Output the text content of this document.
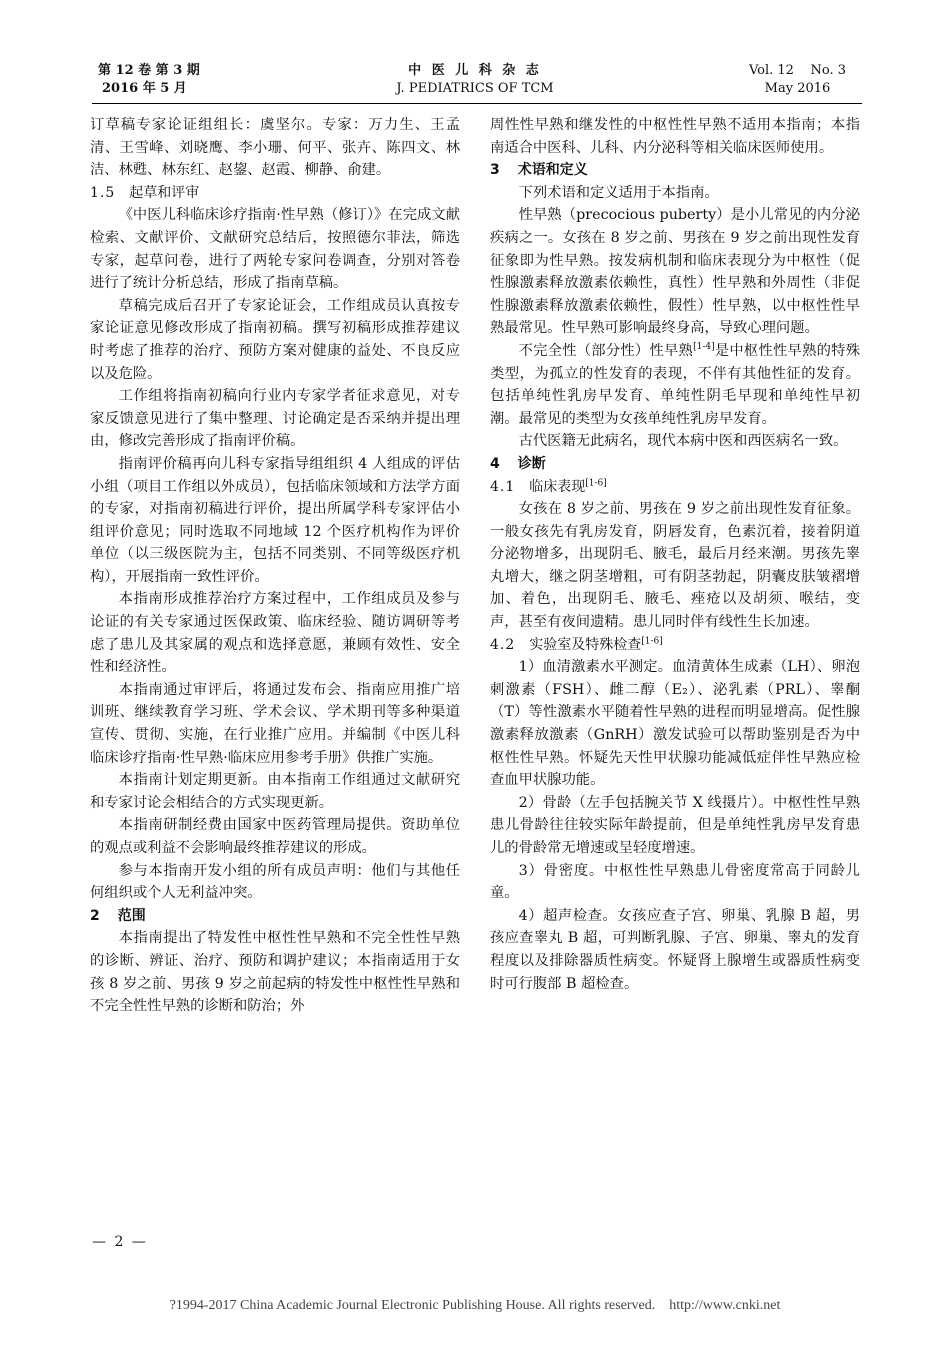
第 12 卷 第 3 期
2016 年 5 月
中 医 儿 科 杂 志
J. PEDIATRICS OF TCM
Vol. 12    No. 3
May 2016

订草稿专家论证组组长：虞坚尔。专家：万力生、王孟清、王雪峰、刘晓鹰、李小珊、何平、张卉、陈四文、林洁、林甦、林东红、赵鋆、赵霞、柳静、俞建。

1.5 起草和评审

《中医儿科临床诊疗指南·性早熟（修订）》在完成文献检索、文献评价、文献研究总结后，按照德尔菲法，筛选专家，起草问卷，进行了两轮专家问卷调查，分别对答卷进行了统计分析总结，形成了指南草稿。

草稿完成后召开了专家论证会，工作组成员认真按专家论证意见修改形成了指南初稿。撰写初稿形成推荐建议时考虑了推荐的治疗、预防方案对健康的益处、不良反应以及危险。

工作组将指南初稿向行业内专家学者征求意见，对专家反馈意见进行了集中整理、讨论确定是否采纳并提出理由，修改完善形成了指南评价稿。

指南评价稿再向儿科专家指导组组织 4 人组成的评估小组（项目工作组以外成员），包括临床领域和方法学方面的专家，对指南初稿进行评价，提出所属学科专家评估小组评价意见；同时选取不同地域 12 个医疗机构作为评价单位（以三级医院为主，包括不同类别、不同等级医疗机构），开展指南一致性评价。

本指南形成推荐治疗方案过程中，工作组成员及参与论证的有关专家通过医保政策、临床经验、随访调研等考虑了患儿及其家属的观点和选择意愿，兼顾有效性、安全性和经济性。

本指南通过审评后，将通过发布会、指南应用推广培训班、继续教育学习班、学术会议、学术期刊等多种渠道宣传、贯彻、实施，在行业推广应用。并编制《中医儿科临床诊疗指南·性早熟·临床应用参考手册》供推广实施。

本指南计划定期更新。由本指南工作组通过文献研究和专家讨论会相结合的方式实现更新。

本指南研制经费由国家中医药管理局提供。资助单位的观点或利益不会影响最终推荐建议的形成。

参与本指南开发小组的所有成员声明：他们与其他任何组织或个人无利益冲突。

2 范围

本指南提出了特发性中枢性性早熟和不完全性性早熟的诊断、辨证、治疗、预防和调护建议；本指南适用于女孩 8 岁之前、男孩 9 岁之前起病的特发性中枢性性早熟和不完全性性早熟的诊断和防治；外

周性性早熟和继发性的中枢性性早熟不适用本指南；本指南适合中医科、儿科、内分泌科等相关临床医师使用。

3 术语和定义

下列术语和定义适用于本指南。

性早熟（precocious puberty）是小儿常见的内分泌疾病之一。女孩在 8 岁之前、男孩在 9 岁之前出现性发育征象即为性早熟。按发病机制和临床表现分为中枢性（促性腺激素释放激素依赖性，真性）性早熟和外周性（非促性腺激素释放激素依赖性，假性）性早熟，以中枢性性早熟最常见。性早熟可影响最终身高，导致心理问题。

不完全性（部分性）性早熟[1-4]是中枢性性早熟的特殊类型，为孤立的性发育的表现，不伴有其他性征的发育。包括单纯性乳房早发育、单纯性阴毛早现和单纯性早初潮。最常见的类型为女孩单纯性乳房早发育。

古代医籍无此病名，现代本病中医和西医病名一致。

4 诊断

4.1 临床表现[1-6]

女孩在 8 岁之前、男孩在 9 岁之前出现性发育征象。一般女孩先有乳房发育，阴唇发育，色素沉着，接着阴道分泌物增多，出现阴毛、腋毛，最后月经来潮。男孩先睾丸增大，继之阴茎增粗，可有阴茎勃起，阴囊皮肤皱褶增加、着色，出现阴毛、腋毛、痤疮以及胡须、喉结，变声，甚至有夜间遗精。患儿同时伴有线性生长加速。

4.2 实验室及特殊检查[1-6]

1）血清激素水平测定。血清黄体生成素（LH）、卵泡刺激素（FSH）、雌二醇（E₂）、泌乳素（PRL）、睾酮（T）等性激素水平随着性早熟的进程而明显增高。促性腺激素释放激素（GnRH）激发试验可以帮助鉴别是否为中枢性性早熟。怀疑先天性甲状腺功能减低症伴性早熟应检查血甲状腺功能。

2）骨龄（左手包括腕关节 X 线摄片）。中枢性性早熟患儿骨龄往往较实际年龄提前，但是单纯性乳房早发育患儿的骨龄常无增速或呈轻度增速。

3）骨密度。中枢性性早熟患儿骨密度常高于同龄儿童。

4）超声检查。女孩应查子宫、卵巢、乳腺 B 超，男孩应查睾丸 B 超，可判断乳腺、子宫、卵巢、睾丸的发育程度以及排除器质性病变。怀疑肾上腺增生或器质性病变时可行腹部 B 超检查。

— 2 —
?1994-2017 China Academic Journal Electronic Publishing House. All rights reserved.    http://www.cnki.net
